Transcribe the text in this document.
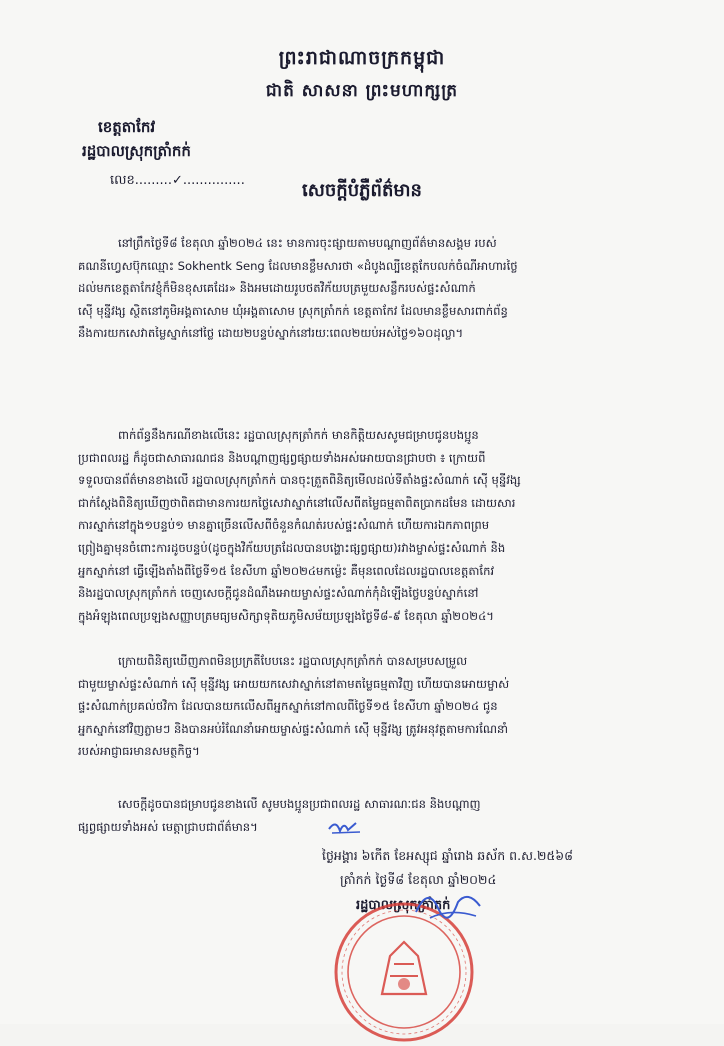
ព្រះរាជាណាចក្រកម្ពុជា
ជាតិ សាសនា ព្រះមហាក្សត្រ
ខេត្តតាកែវ
រដ្ឋបាលស្រុកត្រាំកក់
លេខ.........✓...............	សេចក្ដីបំភ្លឺព័ត៌មាន

នៅព្រឹកថ្ងៃទី៨ ខែតុលា ឆ្នាំ២០២៤ នេះ មានការចុះផ្សាយតាមបណ្ដាញព័ត៌មានសង្គម របស់

គណនីហ្វេសប៊ុកឈ្មោះ Sokhentk Seng ដែលមានខ្លឹមសារថា «ដំបូងល្បីខេត្តកែបលក់ចំណីអាហារថ្លៃ

ដល់មកខេត្តតាកែវខ្ញុំក៏មិនខុសគេដែរ» និងអមដោយរូបថតវិក័យបត្រមួយសន្លឹករបស់ផ្ទះសំណាក់

ស៊ើ មុន្នីវង្ស ស្ថិតនៅភូមិអង្គតាសោម ឃុំអង្គតាសោម ស្រុកត្រាំកក់ ខេត្តតាកែវ ដែលមានខ្លឹមសារពាក់ព័ន្ធ

នឹងការយកសេវាតម្លៃស្នាក់នៅថ្លៃ ដោយ២បន្ទប់ស្នាក់នៅរយៈពេល២យប់អស់ថ្លៃ១៦០ដុល្លា។

ពាក់ព័ន្ធនឹងករណីខាងលើនេះ រដ្ឋបាលស្រុកត្រាំកក់ មានកិត្តិយសសូមជម្រាបជូនបងប្អូន

ប្រជាពលរដ្ឋ ក៏ដូចជាសាធារណជន និងបណ្ដាញផ្សព្វផ្សាយទាំងអស់អោយបានជ្រាបថា ៖ ក្រោយពី

ទទួលបានព័ត៌មានខាងលើ រដ្ឋបាលស្រុកត្រាំកក់ បានចុះត្រួតពិនិត្យមើលដល់ទីតាំងផ្ទះសំណាក់ ស៊ើ មុន្នីវង្ស

ជាក់ស្ដែងពិនិត្យឃើញថាពិតជាមានការយកថ្លៃសេវាស្នាក់នៅលើសពីតម្លៃធម្មតាពិតប្រាកដមែន ដោយសារ

ការស្នាក់នៅក្នុង១បន្ទប់១ មានគ្នាច្រើនលើសពីចំនួនកំណត់របស់ផ្ទះសំណាក់ ហើយការឯកភាពព្រម

ព្រៀងគ្នាមុនចំពោះការដូចបន្ទប់(ដូចក្នុងវិក័យបត្រដែលបានបង្ហោះផ្សព្វផ្សាយ)រវាងម្ចាស់ផ្ទះសំណាក់ និង

អ្នកស្នាក់នៅ ធ្វើឡើងតាំងពីថ្ងៃទី១៥ ខែសីហា ឆ្នាំ២០២៤មកម្ល៉េះ គឺមុនពេលដែលរដ្ឋបាលខេត្តតាកែវ

និងរដ្ឋបាលស្រុកត្រាំកក់ ចេញសេចក្ដីជូនដំណឹងអោយម្ចាស់ផ្ទះសំណាក់កុំដំឡើងថ្លៃបន្ទប់ស្នាក់នៅ

ក្នុងអំឡុងពេលប្រឡងសញ្ញាបត្រមធ្យមសិក្សាទុតិយភូមិសម័យប្រឡងថ្ងៃទី៨-៩ ខែតុលា ឆ្នាំ២០២៤។

ក្រោយពិនិត្យឃើញភាពមិនប្រក្រតីបែបនេះ រដ្ឋបាលស្រុកត្រាំកក់ បានសម្របសម្រួល

ជាមួយម្ចាស់ផ្ទះសំណាក់ ស៊ើ មុន្នីវង្ស អោយយកសេវាស្នាក់នៅតាមតម្លៃធម្មតាវិញ ហើយបានអោយម្ចាស់

ផ្ទះសំណាក់ប្រគល់ថវិកា ដែលបានយកលើសពីអ្នកស្នាក់នៅកាលពីថ្ងៃទី១៥ ខែសីហា ឆ្នាំ២០២៤ ជូន

អ្នកស្នាក់នៅវិញភ្លាមៗ និងបានអប់រំណែនាំអោយម្ចាស់ផ្ទះសំណាក់ ស៊ើ មុន្នីវង្ស ត្រូវអនុវត្តតាមការណែនាំ

របស់អាជ្ញាធរមានសមត្ថកិច្ច។

សេចក្ដីដូចបានជម្រាបជូនខាងលើ សូមបងប្អូនប្រជាពលរដ្ឋ សាធារណៈជន និងបណ្ដាញ

ផ្សព្វផ្សាយទាំងអស់ មេត្តាជ្រាបជាព័ត៌មាន។

ថ្ងៃអង្គារ ៦កើត ខែអស្សុជ ឆ្នាំរោង ឆស័ក ព.ស.២៥៦៨
ត្រាំកក់ ថ្ងៃទី៨ ខែតុលា ឆ្នាំ២០២៤
រដ្ឋបាលស្រុកត្រាំកក់
